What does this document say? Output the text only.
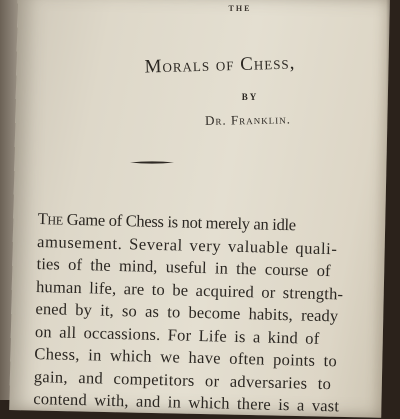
THE
Morals of Chess,
BY
Dr. Franklin.
The Game of Chess is not merely an idle
amusement. Several very valuable quali-
ties of the mind, useful in the course of
human life, are to be acquired or strength-
ened by it, so as to become habits, ready
on all occassions. For Life is a kind of
Chess, in which we have often points to
gain, and competitors or adversaries to
contend with, and in which there is a vast
